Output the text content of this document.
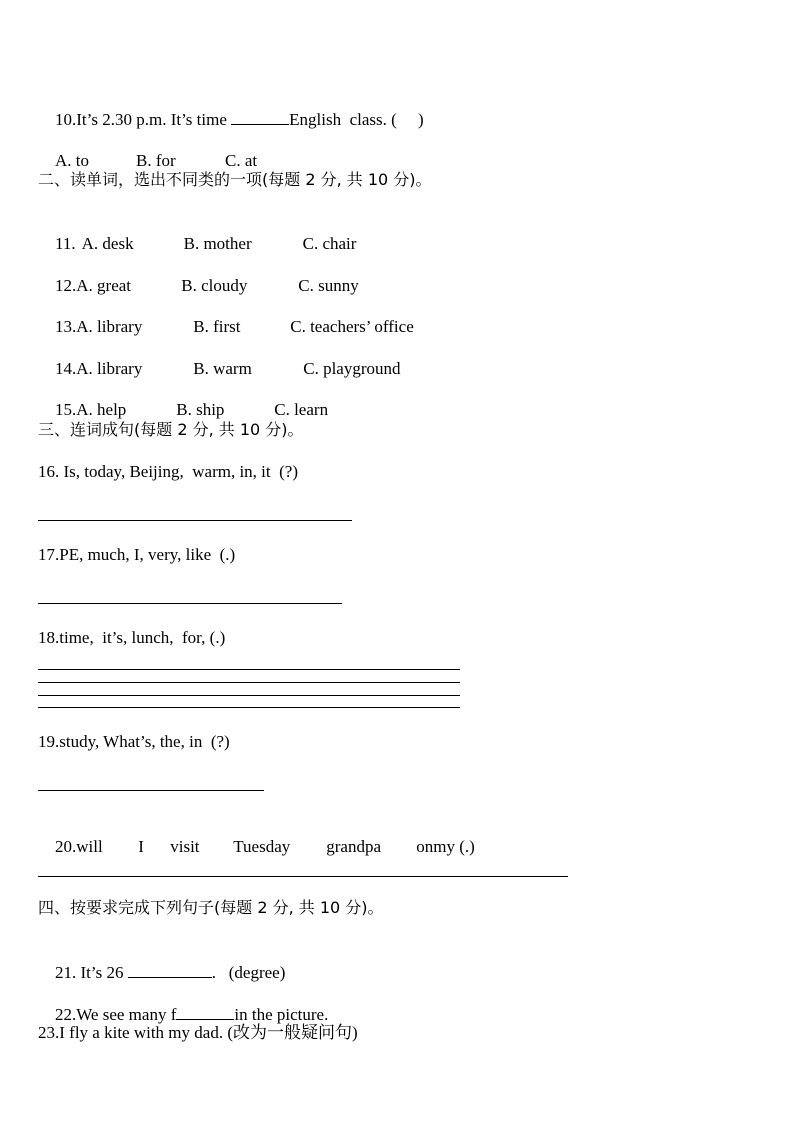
10.It’s 2.30 p.m. It’s time	English  class. (     )

A. to	B. for	C. at

二、读单词，选出不同类的一项(每题 2 分, 共 10 分)。

11. A. desk	B. mother	C. chair

12.A. great	B. cloudy	C. sunny

13.A. library	B. first	C. teachers’ office

14.A. library	B. warm	C. playground

15.A. help	B. ship	C. learn

三、连词成句(每题 2 分, 共 10 分)。
16. Is, today, Beijing,  warm, in, it  (?)
17.PE, much, I, very, like  (.)
18.time,  it’s, lunch,  for, (.)
19.study, What’s, the, in  (?)

20.will I visit Tuesday grandpa onmy (.)

四、按要求完成下列句子(每题 2 分, 共 10 分)。

21. It’s 26	.   (degree)

22.We see many f	in the picture.

23.I fly a kite with my dad. (改为一般疑问句)
